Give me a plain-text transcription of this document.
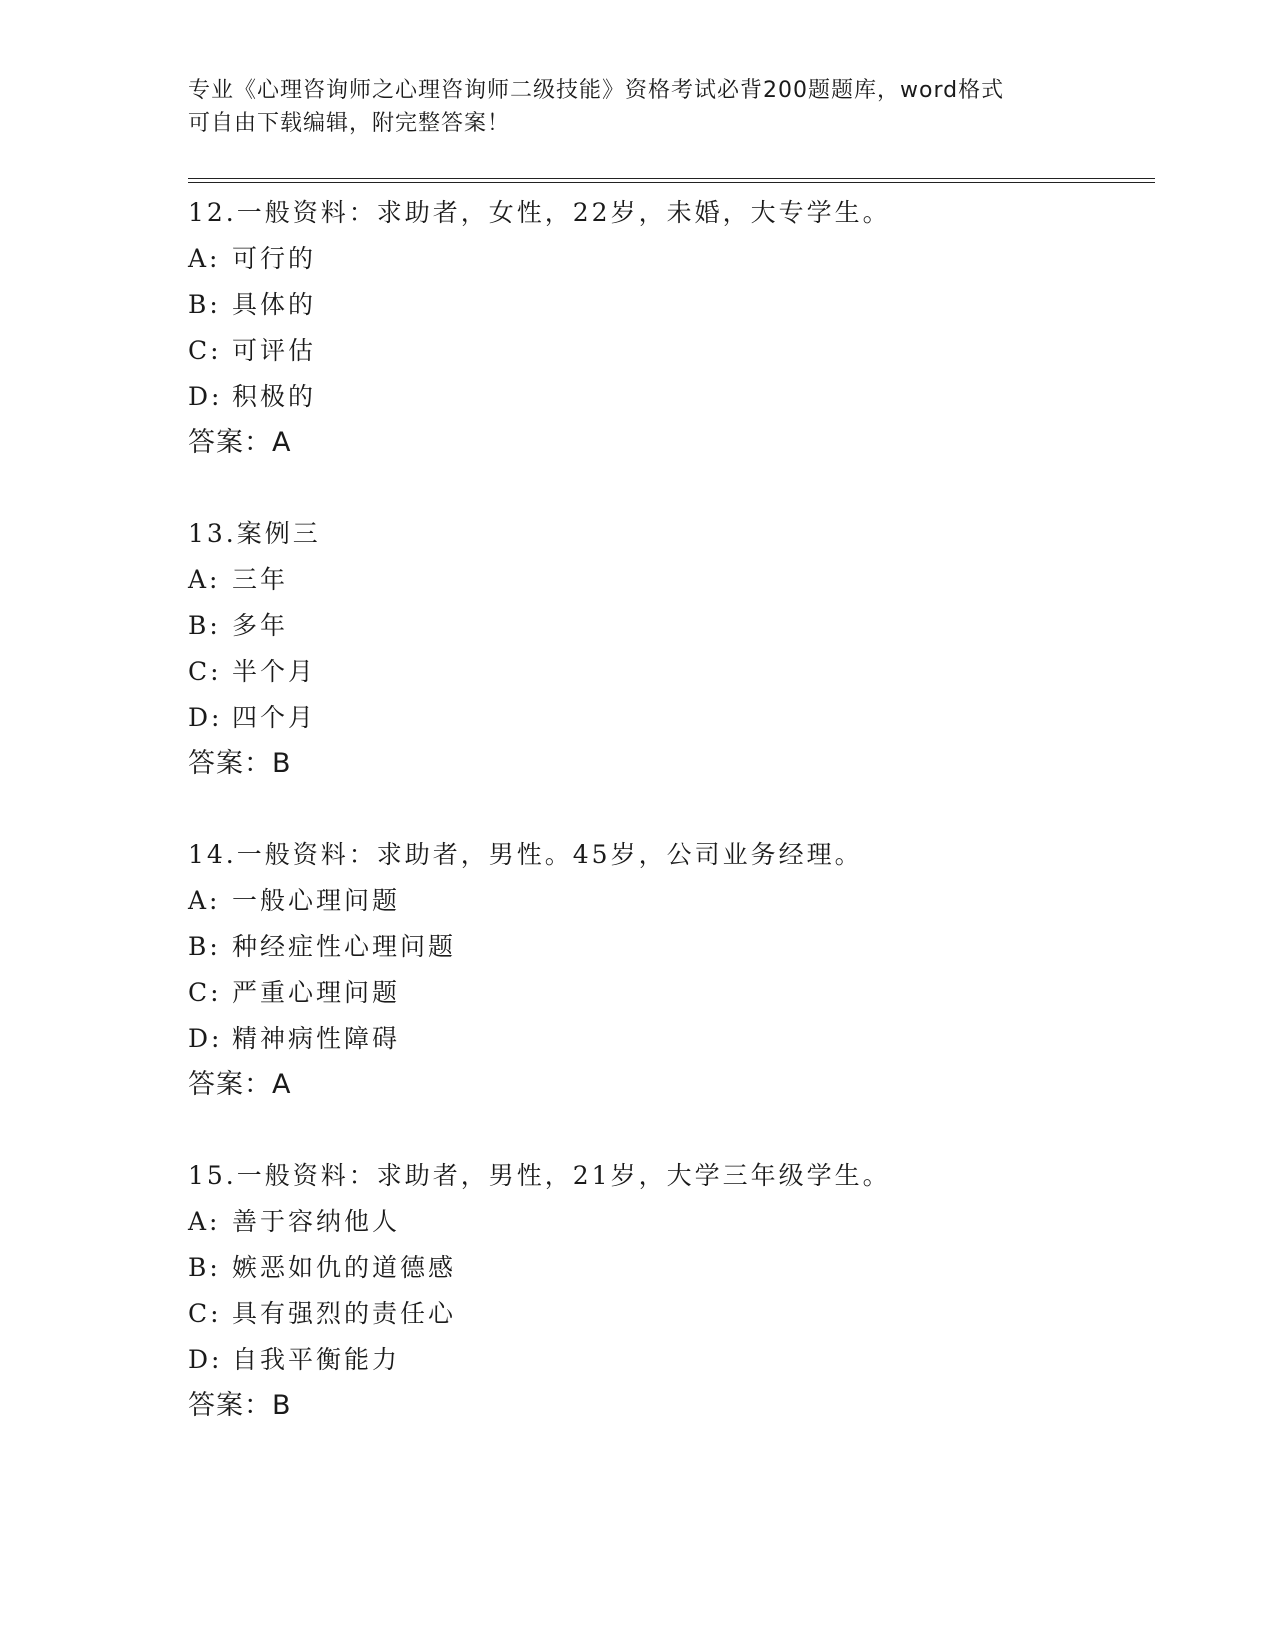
专业《心理咨询师之心理咨询师二级技能》资格考试必背200题题库，word格式
可自由下载编辑，附完整答案！
12.一般资料：求助者，女性，22岁，未婚，大专学生。
A: 可行的
B: 具体的
C: 可评估
D: 积极的
答案：A
13.案例三
A: 三年
B: 多年
C: 半个月
D: 四个月
答案：B
14.一般资料：求助者，男性。45岁，公司业务经理。
A: 一般心理问题
B: 种经症性心理问题
C: 严重心理问题
D: 精神病性障碍
答案：A
15.一般资料：求助者，男性，21岁，大学三年级学生。
A: 善于容纳他人
B: 嫉恶如仇的道德感
C: 具有强烈的责任心
D: 自我平衡能力
答案：B
